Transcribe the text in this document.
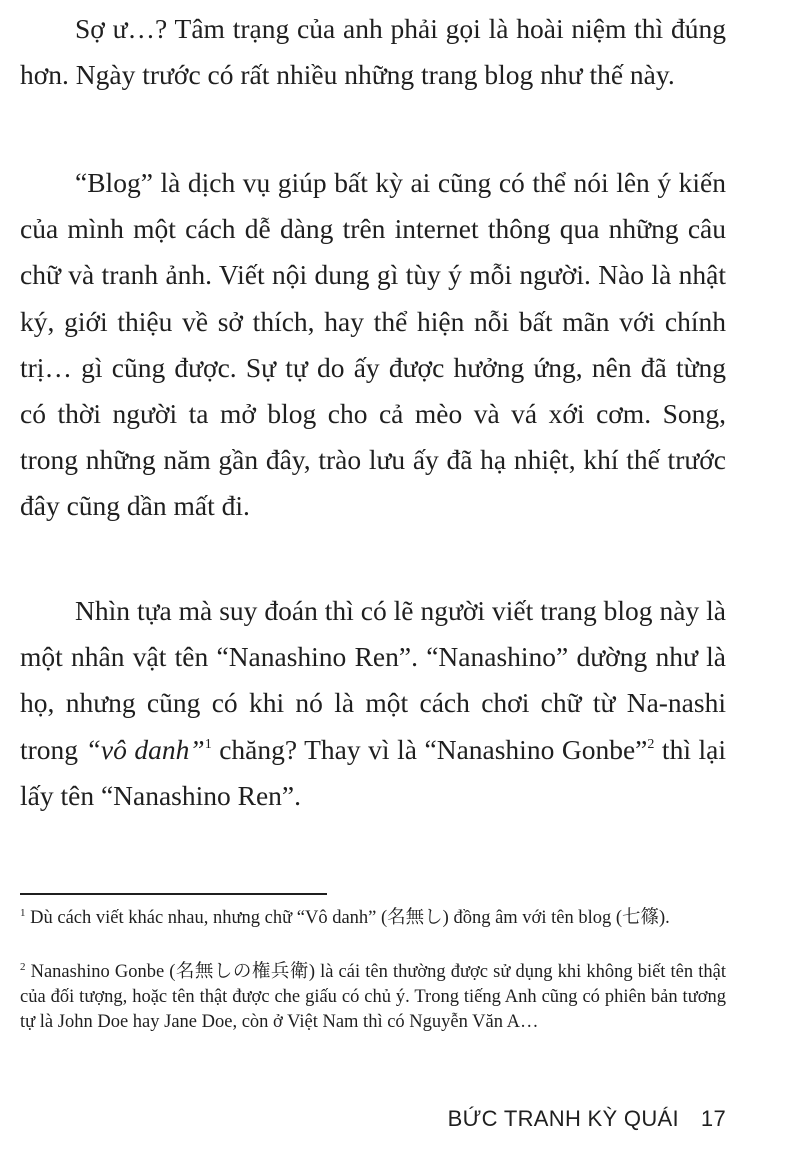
Sợ ư…? Tâm trạng của anh phải gọi là hoài niệm thì đúng hơn. Ngày trước có rất nhiều những trang blog như thế này.

“Blog” là dịch vụ giúp bất kỳ ai cũng có thể nói lên ý kiến của mình một cách dễ dàng trên internet thông qua những câu chữ và tranh ảnh. Viết nội dung gì tùy ý mỗi người. Nào là nhật ký, giới thiệu về sở thích, hay thể hiện nỗi bất mãn với chính trị… gì cũng được. Sự tự do ấy được hưởng ứng, nên đã từng có thời người ta mở blog cho cả mèo và vá xới cơm. Song, trong những năm gần đây, trào lưu ấy đã hạ nhiệt, khí thế trước đây cũng dần mất đi.

Nhìn tựa mà suy đoán thì có lẽ người viết trang blog này là một nhân vật tên “Nanashino Ren”. “Nanashino” dường như là họ, nhưng cũng có khi nó là một cách chơi chữ từ Na-nashi trong “vô danh”$^1$ chăng? Thay vì là “Nanashino Gonbe”$^2$ thì lại lấy tên “Nanashino Ren”.

$^1$ Dù cách viết khác nhau, nhưng chữ “Vô danh” (名無し) đồng âm với tên blog (七篠).

$^2$ Nanashino Gonbe (名無しの権兵衛) là cái tên thường được sử dụng khi không biết tên thật của đối tượng, hoặc tên thật được che giấu có chủ ý. Trong tiếng Anh cũng có phiên bản tương tự là John Doe hay Jane Doe, còn ở Việt Nam thì có Nguyễn Văn A…

BỨC TRANH KỲ QUÁI 17
